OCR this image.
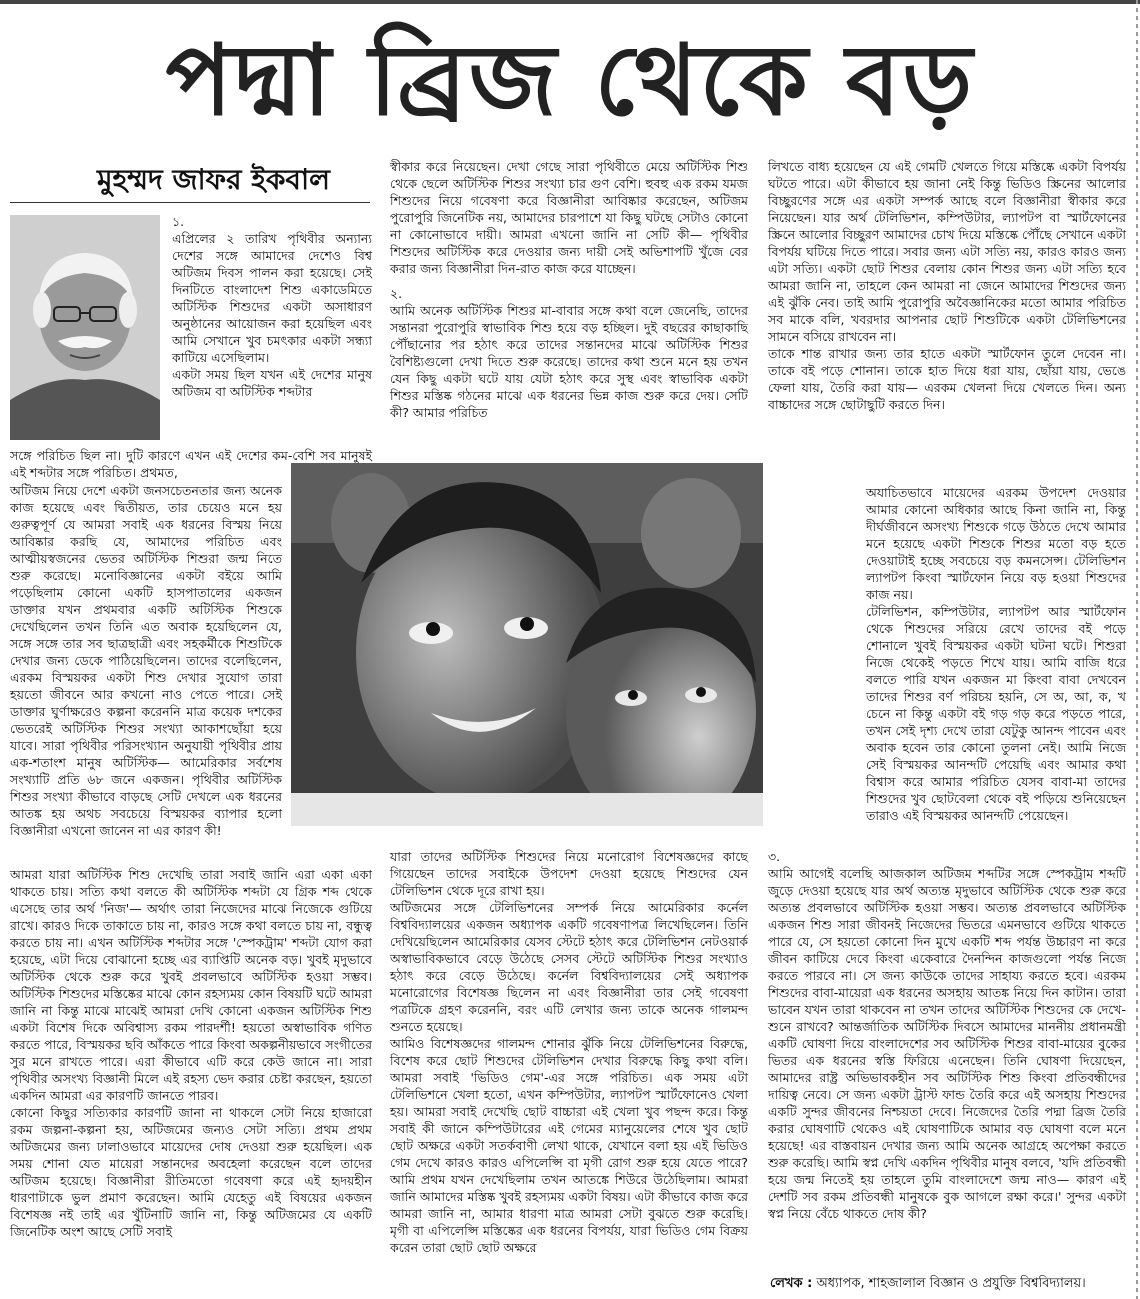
পদ্মা ব্রিজ থেকে বড়
মুহম্মদ জাফর ইকবাল
১.

এপ্রিলের ২ তারিখ পৃথিবীর অন্যান্য দেশের সঙ্গে আমাদের দেশেও বিশ্ব অটিজম দিবস পালন করা হয়েছে। সেই দিনটিতে বাংলাদেশ শিশু একাডেমিতে অটিস্টিক শিশুদের একটা অসাধারণ অনুষ্ঠানের আয়োজন করা হয়েছিল এবং আমি সেখানে খুব চমৎকার একটা সন্ধ্যা কাটিয়ে এসেছিলাম।

একটা সময় ছিল যখন এই দেশের মানুষ অটিজম বা অটিস্টিক শব্দটার

সঙ্গে পরিচিত ছিল না। দুটি কারণে এখন এই দেশের কম-বেশি সব মানুষই এই শব্দটার সঙ্গে পরিচিত। প্রথমত,

অটিজম নিয়ে দেশে একটা জনসচেতনতার জন্য অনেক কাজ হয়েছে এবং দ্বিতীয়ত, তার চেয়েও মনে হয় গুরুত্বপূর্ণ যে আমরা সবাই এক ধরনের বিস্ময় নিয়ে আবিষ্কার করছি যে, আমাদের পরিচিত এবং আত্মীয়স্বজনের ভেতর অটিস্টিক শিশুরা জন্ম নিতে শুরু করেছে। মনোবিজ্ঞানের একটা বইয়ে আমি পড়েছিলাম কোনো একটি হাসপাতালের একজন ডাক্তার যখন প্রথমবার একটি অটিস্টিক শিশুকে দেখেছিলেন তখন তিনি এত অবাক হয়েছিলেন যে, সঙ্গে সঙ্গে তার সব ছাত্রছাত্রী এবং সহকর্মীকে শিশুটিকে দেখার জন্য ডেকে পাঠিয়েছিলেন। তাদের বলেছিলেন, এরকম বিস্ময়কর একটা শিশু দেখার সুযোগ তারা হয়তো জীবনে আর কখনো নাও পেতে পারে। সেই ডাক্তার ঘুর্ণাক্ষরেও কল্পনা করেননি মাত্র কয়েক দশকের ভেতরেই অটিস্টিক শিশুর সংখ্যা আকাশছোঁয়া হয়ে যাবে। সারা পৃথিবীর পরিসংখ্যান অনুযায়ী পৃথিবীর প্রায় এক-শতাংশ মানুষ অটিস্টিক— আমেরিকার সর্বশেষ সংখ্যাটি প্রতি ৬৮ জনে একজন। পৃথিবীর অটিস্টিক শিশুর সংখ্যা কীভাবে বাড়ছে সেটি দেখলে এক ধরনের আতঙ্ক হয় অথচ সবচেয়ে বিস্ময়কর ব্যাপার হলো বিজ্ঞানীরা এখনো জানেন না এর কারণ কী!

আমরা যারা অটিস্টিক শিশু দেখেছি তারা সবাই জানি এরা একা একা থাকতে চায়। সত্যি কথা বলতে কী অটিস্টিক শব্দটা যে গ্রিক শব্দ থেকে এসেছে তার অর্থ 'নিজ'— অর্থাৎ তারা নিজেদের মাঝে নিজেকে গুটিয়ে রাখে। কারও দিকে তাকাতে চায় না, কারও সঙ্গে কথা বলতে চায় না, বন্ধুত্ব করতে চায় না। এখন অটিস্টিক শব্দটার সঙ্গে 'স্পেকট্রাম' শব্দটা যোগ করা হয়েছে, এটা দিয়ে বোঝানো হচ্ছে এর ব্যাপ্তিটি অনেক বড়। খুবই মৃদুভাবে অটিস্টিক থেকে শুরু করে খুবই প্রবলভাবে অটিস্টিক হওয়া সম্ভব। অটিস্টিক শিশুদের মস্তিষ্কের মাঝে কোন রহস্যময় কোন বিষয়টি ঘটে আমরা জানি না কিন্তু মাঝে মাঝেই আমরা দেখি কোনো একজন অটিস্টিক শিশু একটা বিশেষ দিকে অবিশ্বাস্য রকম পারদর্শী! হয়তো অস্বাভাবিক গণিত করতে পারে, বিস্ময়কর ছবি আঁকতে পারে কিংবা অকল্পনীয়ভাবে সংগীতের সুর মনে রাখতে পারে। এরা কীভাবে এটি করে কেউ জানে না। সারা পৃথিবীর অসংখ্য বিজ্ঞানী মিলে এই রহস্য ভেদ করার চেষ্টা করছেন, হয়তো একদিন আমরা এর কারণটি জানতে পারব।

কোনো কিছুর সত্যিকার কারণটি জানা না থাকলে সেটা নিয়ে হাজারো রকম জল্পনা-কল্পনা হয়, অটিজমের জন্যও সেটা সত্যি। প্রথম প্রথম অটিজমের জন্য ঢালাওভাবে মায়েদের দোষ দেওয়া শুরু হয়েছিল। এক সময় শোনা যেত মায়েরা সন্তানদের অবহেলা করেছেন বলে তাদের অটিজম হয়েছে। বিজ্ঞানীরা রীতিমতো গবেষণা করে এই হৃদয়হীন ধারণাটাকে ভুল প্রমাণ করেছেন। আমি যেহেতু এই বিষয়ের একজন বিশেষজ্ঞ নই তাই এর খুঁটিনাটি জানি না, কিন্তু অটিজমের যে একটি জিনেটিক অংশ আছে সেটি সবাই

স্বীকার করে নিয়েছেন। দেখা গেছে সারা পৃথিবীতে মেয়ে অটিস্টিক শিশু থেকে ছেলে অটিস্টিক শিশুর সংখ্যা চার গুণ বেশি। হুবহু এক রকম যমজ শিশুদের নিয়ে গবেষণা করে বিজ্ঞানীরা আবিষ্কার করেছেন, অটিজম পুরোপুরি জিনেটিক নয়, আমাদের চারপাশে যা কিছু ঘটছে সেটাও কোনো না কোনোভাবে দায়ী। আমরা এখনো জানি না সেটি কী— পৃথিবীর শিশুদের অটিস্টিক করে দেওয়ার জন্য দায়ী সেই অভিশাপটি খুঁজে বের করার জন্য বিজ্ঞানীরা দিন-রাত কাজ করে যাচ্ছেন।

২.

আমি অনেক অটিস্টিক শিশুর মা-বাবার সঙ্গে কথা বলে জেনেছি, তাদের সন্তানরা পুরোপুরি স্বাভাবিক শিশু হয়ে বড় হচ্ছিল। দুই বছরের কাছাকাছি পৌঁছানোর পর হঠাৎ করে তাদের সন্তানদের মাঝে অটিস্টিক শিশুর বৈশিষ্ট্যগুলো দেখা দিতে শুরু করেছে। তাদের কথা শুনে মনে হয় তখন যেন কিছু একটা ঘটে যায় যেটা হঠাৎ করে সুস্থ এবং স্বাভাবিক একটা শিশুর মস্তিষ্ক গঠনের মাঝে এক ধরনের ভিন্ন কাজ শুরু করে দেয়। সেটি কী? আমার পরিচিত

যারা তাদের অটিস্টিক শিশুদের নিয়ে মনোরোগ বিশেষজ্ঞদের কাছে গিয়েছেন তাদের সবাইকে উপদেশ দেওয়া হয়েছে শিশুদের যেন টেলিভিশন থেকে দূরে রাখা হয়।

অটিজমের সঙ্গে টেলিভিশনের সম্পর্ক নিয়ে আমেরিকার কর্নেল বিশ্ববিদ্যালয়ের একজন অধ্যাপক একটি গবেষণাপত্র লিখেছিলেন। তিনি দেখিয়েছিলেন আমেরিকার যেসব স্টেটে হঠাৎ করে টেলিভিশন নেটওয়ার্ক অস্বাভাবিকভাবে বেড়ে উঠেছে সেসব স্টেটে অটিস্টিক শিশুর সংখ্যাও হঠাৎ করে বেড়ে উঠেছে। কর্নেল বিশ্ববিদ্যালয়ের সেই অধ্যাপক মনোরোগের বিশেষজ্ঞ ছিলেন না এবং বিজ্ঞানীরা তার সেই গবেষণা পত্রটিকে গ্রহণ করেননি, বরং এটি লেখার জন্য তাকে অনেক গালমন্দ শুনতে হয়েছে।

আমিও বিশেষজ্ঞদের গালমন্দ শোনার ঝুঁকি নিয়ে টেলিভিশনের বিরুদ্ধে, বিশেষ করে ছোট শিশুদের টেলিভিশন দেখার বিরুদ্ধে কিছু কথা বলি। আমরা সবাই 'ভিডিও গেম'-এর সঙ্গে পরিচিত। এক সময় এটা টেলিভিশনে খেলা হতো, এখন কম্পিউটার, ল্যাপটপ স্মার্টফোনেও খেলা হয়। আমরা সবাই দেখেছি ছোট বাচ্চারা এই খেলা খুব পছন্দ করে। কিন্তু সবাই কী জানে কম্পিউটারের এই গেমের ম্যানুয়েলের শেষে খুব ছোট ছোট অক্ষরে একটা সতর্কবাণী লেখা থাকে, যেখানে বলা হয় এই ভিডিও গেম দেখে কারও কারও এপিলেপ্সি বা মৃগী রোগ শুরু হয়ে যেতে পারে? আমি প্রথম যখন দেখেছিলাম তখন আতঙ্কে শিউরে উঠেছিলাম। আমরা জানি আমাদের মস্তিষ্ক খুবই রহস্যময় একটা বিষয়। এটা কীভাবে কাজ করে আমরা জানি না, আমার ধারণা মাত্র আমরা সেটা বুঝতে শুরু করেছি। মৃগী বা এপিলেপ্সি মস্তিষ্কের এক ধরনের বিপর্যয়, যারা ভিডিও গেম বিক্রয় করেন তারা ছোট ছোট অক্ষরে

লিখতে বাধ্য হয়েছেন যে এই গেমটি খেলতে গিয়ে মস্তিষ্কে একটা বিপর্যয় ঘটতে পারে। এটা কীভাবে হয় জানা নেই কিন্তু ভিডিও স্ক্রিনের আলোর বিচ্ছুরণের সঙ্গে এর একটা সম্পর্ক আছে বলে বিজ্ঞানীরা স্বীকার করে নিয়েছেন। যার অর্থ টেলিভিশন, কম্পিউটার, ল্যাপটপ বা স্মার্টফোনের স্ক্রিনে আলোর বিচ্ছুরণ আমাদের চোখ দিয়ে মস্তিষ্কে পৌঁছে সেখানে একটা বিপর্যয় ঘটিয়ে দিতে পারে। সবার জন্য এটা সত্যি নয়, কারও কারও জন্য এটা সত্যি। একটা ছোট শিশুর বেলায় কোন শিশুর জন্য এটা সত্যি হবে আমরা জানি না, তাহলে কেন আমরা না জেনে আমাদের শিশুদের জন্য এই ঝুঁকি নেব। তাই আমি পুরোপুরি অবৈজ্ঞানিকের মতো আমার পরিচিত সব মাকে বলি, খবরদার আপনার ছোট শিশুটিকে একটা টেলিভিশনের সামনে বসিয়ে রাখবেন না।

তাকে শান্ত রাখার জন্য তার হাতে একটা স্মার্টফোন তুলে দেবেন না। তাকে বই পড়ে শোনান। তাকে হাত দিয়ে ধরা যায়, ছোঁয়া যায়, ভেঙে ফেলা যায়, তৈরি করা যায়— এরকম খেলনা দিয়ে খেলতে দিন। অন্য বাচ্চাদের সঙ্গে ছোটাছুটি করতে দিন।

অযাচিতভাবে মায়েদের এরকম উপদেশ দেওয়ার আমার কোনো অধিকার আছে কিনা জানি না, কিন্তু দীর্ঘজীবনে অসংখ্য শিশুকে গড়ে উঠতে দেখে আমার মনে হয়েছে একটা শিশুকে শিশুর মতো বড় হতে দেওয়াটাই হচ্ছে সবচেয়ে বড় কমনসেন্স। টেলিভিশন ল্যাপটপ কিংবা স্মার্টফোন নিয়ে বড় হওয়া শিশুদের কাজ নয়।

টেলিভিশন, কম্পিউটার, ল্যাপটপ আর স্মার্টফোন থেকে শিশুদের সরিয়ে রেখে তাদের বই পড়ে শোনালে খুবই বিস্ময়কর একটা ঘটনা ঘটে। শিশুরা নিজে থেকেই পড়তে শিখে যায়। আমি বাজি ধরে বলতে পারি যখন একজন মা কিংবা বাবা দেখবেন তাদের শিশুর বর্ণ পরিচয় হয়নি, সে অ, আ, ক, খ চেনে না কিন্তু একটা বই গড় গড় করে পড়তে পারে, তখন সেই দৃশ্য দেখে তারা যেটুকু আনন্দ পাবেন এবং অবাক হবেন তার কোনো তুলনা নেই। আমি নিজে সেই বিস্ময়কর আনন্দটি পেয়েছি এবং আমার কথা বিশ্বাস করে আমার পরিচিত যেসব বাবা-মা তাদের শিশুদের খুব ছোটবেলা থেকে বই পড়িয়ে শুনিয়েছেন তারাও এই বিস্ময়কর আনন্দটি পেয়েছেন।

৩.

আমি আগেই বলেছি আজকাল অটিজম শব্দটির সঙ্গে স্পেকট্রাম শব্দটি জুড়ে দেওয়া হয়েছে যার অর্থ অত্যন্ত মৃদুভাবে অটিস্টিক থেকে শুরু করে অত্যন্ত প্রবলভাবে অটিস্টিক হওয়া সম্ভব। অত্যন্ত প্রবলভাবে অটিস্টিক একজন শিশু সারা জীবনই নিজেদের ভিতরে এমনভাবে গুটিয়ে থাকতে পারে যে, সে হয়তো কোনো দিন মুখে একটি শব্দ পর্যন্ত উচ্চারণ না করে জীবন কাটিয়ে দেবে কিংবা একেবারে দৈনন্দিন কাজগুলো পর্যন্ত নিজে করতে পারবে না। সে জন্য কাউকে তাদের সাহায্য করতে হবে। এরকম শিশুদের বাবা-মায়েরা এক ধরনের অসহায় আতঙ্ক নিয়ে দিন কাটান। তারা ভাবেন যখন তারা থাকবেন না তখন তাদের অটিস্টিক শিশুদের কে দেখে-শুনে রাখবে? আন্তর্জাতিক অটিস্টিক দিবসে আমাদের মাননীয় প্রধানমন্ত্রী একটি ঘোষণা দিয়ে বাংলাদেশের সব অটিস্টিক শিশুর বাবা-মায়ের বুকের ভিতর এক ধরনের স্বস্তি ফিরিয়ে এনেছেন। তিনি ঘোষণা দিয়েছেন, আমাদের রাষ্ট্র অভিভাবকহীন সব অটিস্টিক শিশু কিংবা প্রতিবন্ধীদের দায়িত্ব নেবে। সে জন্য একটা ট্রাস্ট ফান্ড তৈরি করে এই অসহায় শিশুদের একটি সুন্দর জীবনের নিশ্চয়তা দেবে। নিজেদের তৈরি পদ্মা ব্রিজ তৈরি করার ঘোষণাটি থেকেও এই ঘোষণাটিকে আমার বড় ঘোষণা বলে মনে হয়েছে! এর বাস্তবায়ন দেখার জন্য আমি অনেক আগ্রহে অপেক্ষা করতে শুরু করেছি। আমি স্বপ্ন দেখি একদিন পৃথিবীর মানুষ বলবে, 'যদি প্রতিবন্ধী হয়ে জন্ম নিতেই হয় তাহলে তুমি বাংলাদেশে জন্ম নাও— কারণ এই দেশটি সব রকম প্রতিবন্ধী মানুষকে বুক আগলে রক্ষা করে।' সুন্দর একটা স্বপ্ন নিয়ে বেঁচে থাকতে দোষ কী?

লেখক : অধ্যাপক, শাহজালাল বিজ্ঞান ও প্রযুক্তি বিশ্ববিদ্যালয়।
